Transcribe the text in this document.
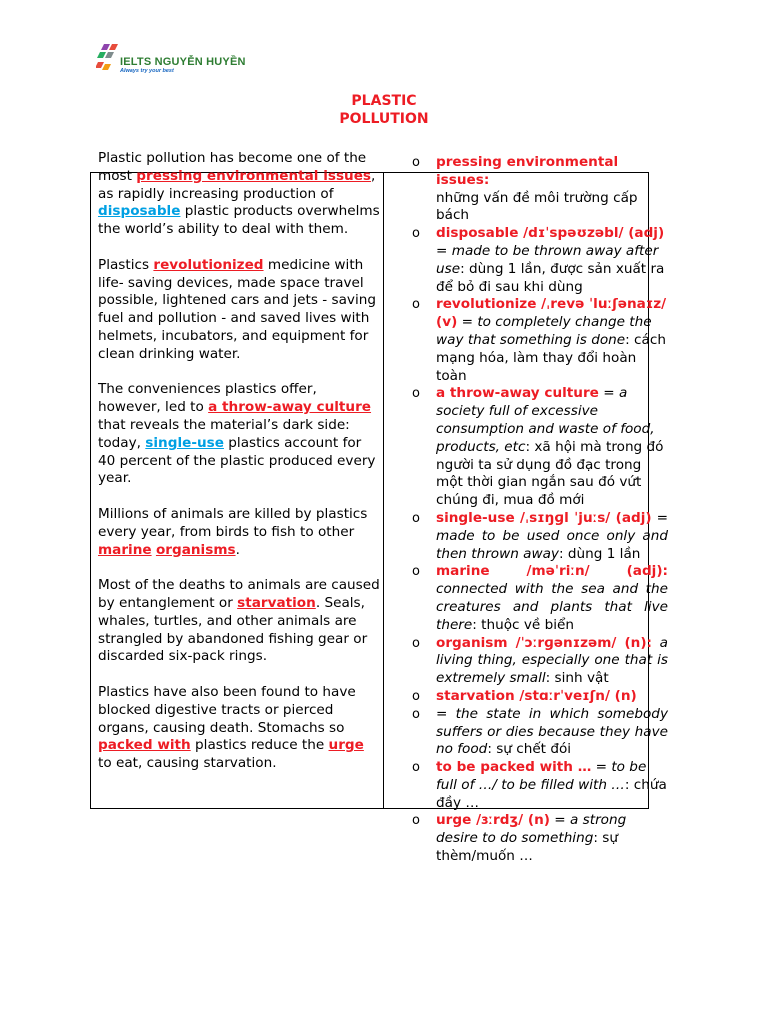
IELTS NGUYỄN HUYỀN
Always try your best
PLASTIC
POLLUTION

Plastic pollution has become one of the most pressing environmental issues, as rapidly increasing production of disposable plastic products overwhelms the world’s ability to deal with them.

Plastics revolutionized medicine with life- saving devices, made space travel possible, lightened cars and jets - saving fuel and pollution - and saved lives with helmets, incubators, and equipment for clean drinking water.

The conveniences plastics offer, however, led to a throw-away culture that reveals the material’s dark side: today, single-use plastics account for 40 percent of the plastic produced every year.

Millions of animals are killed by plastics every year, from birds to fish to other marine organisms.

Most of the deaths to animals are caused by entanglement or starvation. Seals, whales, turtles, and other animals are strangled by abandoned fishing gear or discarded six-pack rings.

Plastics have also been found to have blocked digestive tracts or pierced organs, causing death. Stomachs so packed with plastics reduce the urge to eat, causing starvation.

o pressing environmental issues:
những vấn đề môi trường cấp bách
o disposable /dɪˈspəʊzəbl/ (adj) = made to be thrown away after use: dùng 1 lần, được sản xuất ra để bỏ đi sau khi dùng
o revolutionize /ˌrevə ˈluːʃənaɪz/ (v) = to completely change the way that something is done: cách mạng hóa, làm thay đổi hoàn toàn
o a throw-away culture = a society full of excessive consumption and waste of food, products, etc: xã hội mà trong đó người ta sử dụng đồ đạc trong một thời gian ngắn sau đó vứt chúng đi, mua đồ mới
o single-use /ˌsɪŋɡl ˈjuːs/ (adj) = made to be used once only and then thrown away: dùng 1 lần
o marine /məˈriːn/ (adj): connected with the sea and the creatures and plants that live there: thuộc về biển
o organism /ˈɔːrɡənɪzəm/ (n): a living thing, especially one that is extremely small: sinh vật
o starvation /stɑːrˈveɪʃn/ (n)
o = the state in which somebody suffers or dies because they have no food: sự chết đói
o to be packed with … = to be full of …/ to be filled with …: chứa đầy …
o urge /ɜːrdʒ/ (n) = a strong desire to do something: sự thèm/muốn …
